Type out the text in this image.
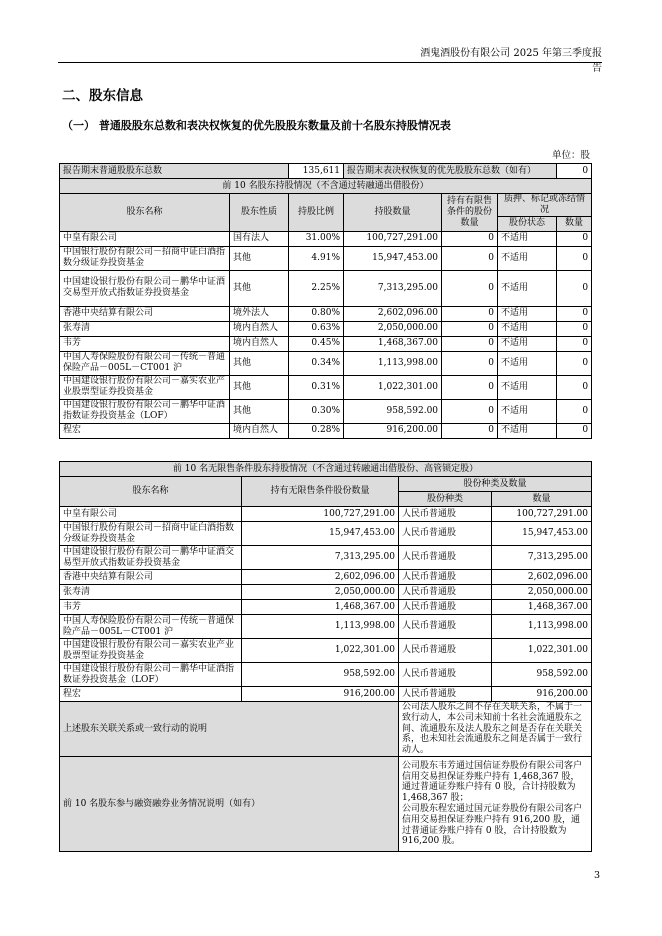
酒鬼酒股份有限公司 2025 年第三季度报告
二、股东信息
（一） 普通股股东总数和表决权恢复的优先股股东数量及前十名股东持股情况表
单位：股
报告期末普通股股东总数		135,611	报告期末表决权恢复的优先股股东总数（如有）			0
前 10 名股东持股情况（不含通过转融通出借股份）						
股东名称	股东性质	持股比例	持股数量	持有有限售条件的股份数量	质押、标记或冻结情况	
					股份状态	数量
中皇有限公司	国有法人	31.00%	100,727,291.00	0	不适用	0
中国银行股份有限公司－招商中证白酒指数分级证券投资基金	其他	4.91%	15,947,453.00	0	不适用	0
中国建设银行股份有限公司－鹏华中证酒交易型开放式指数证券投资基金	其他	2.25%	7,313,295.00	0	不适用	0
香港中央结算有限公司	境外法人	0.80%	2,602,096.00	0	不适用	0
张寿清	境内自然人	0.63%	2,050,000.00	0	不适用	0
韦芳	境内自然人	0.45%	1,468,367.00	0	不适用	0
中国人寿保险股份有限公司－传统－普通保险产品－005L－CT001 沪	其他	0.34%	1,113,998.00	0	不适用	0
中国建设银行股份有限公司－嘉实农业产业股票型证券投资基金	其他	0.31%	1,022,301.00	0	不适用	0
中国建设银行股份有限公司－鹏华中证酒指数证券投资基金（LOF）	其他	0.30%	958,592.00	0	不适用	0
程宏	境内自然人	0.28%	916,200.00	0	不适用	0
前 10 名无限售条件股东持股情况（不含通过转融通出借股份、高管锁定股）			
股东名称	持有无限售条件股份数量	股份种类及数量	
		股份种类	数量
中皇有限公司	100,727,291.00	人民币普通股	100,727,291.00
中国银行股份有限公司－招商中证白酒指数分级证券投资基金	15,947,453.00	人民币普通股	15,947,453.00
中国建设银行股份有限公司－鹏华中证酒交易型开放式指数证券投资基金	7,313,295.00	人民币普通股	7,313,295.00
香港中央结算有限公司	2,602,096.00	人民币普通股	2,602,096.00
张寿清	2,050,000.00	人民币普通股	2,050,000.00
韦芳	1,468,367.00	人民币普通股	1,468,367.00
中国人寿保险股份有限公司－传统－普通保险产品－005L－CT001 沪	1,113,998.00	人民币普通股	1,113,998.00
中国建设银行股份有限公司－嘉实农业产业股票型证券投资基金	1,022,301.00	人民币普通股	1,022,301.00
中国建设银行股份有限公司－鹏华中证酒指数证券投资基金（LOF）	958,592.00	人民币普通股	958,592.00
程宏	916,200.00	人民币普通股	916,200.00
上述股东关联关系或一致行动的说明		公司法人股东之间不存在关联关系，不属于一致行动人，本公司未知前十名社会流通股东之间、流通股东及法人股东之间是否存在关联关系，也未知社会流通股东之间是否属于一致行动人。	
前 10 名股东参与融资融券业务情况说明（如有）		公司股东韦芳通过国信证券股份有限公司客户信用交易担保证券账户持有 1,468,367 股，通过普通证券账户持有 0 股，合计持股数为 1,468,367 股；
公司股东程宏通过国元证券股份有限公司客户信用交易担保证券账户持有 916,200 股，通过普通证券账户持有 0 股，合计持股数为 916,200 股。	
3
